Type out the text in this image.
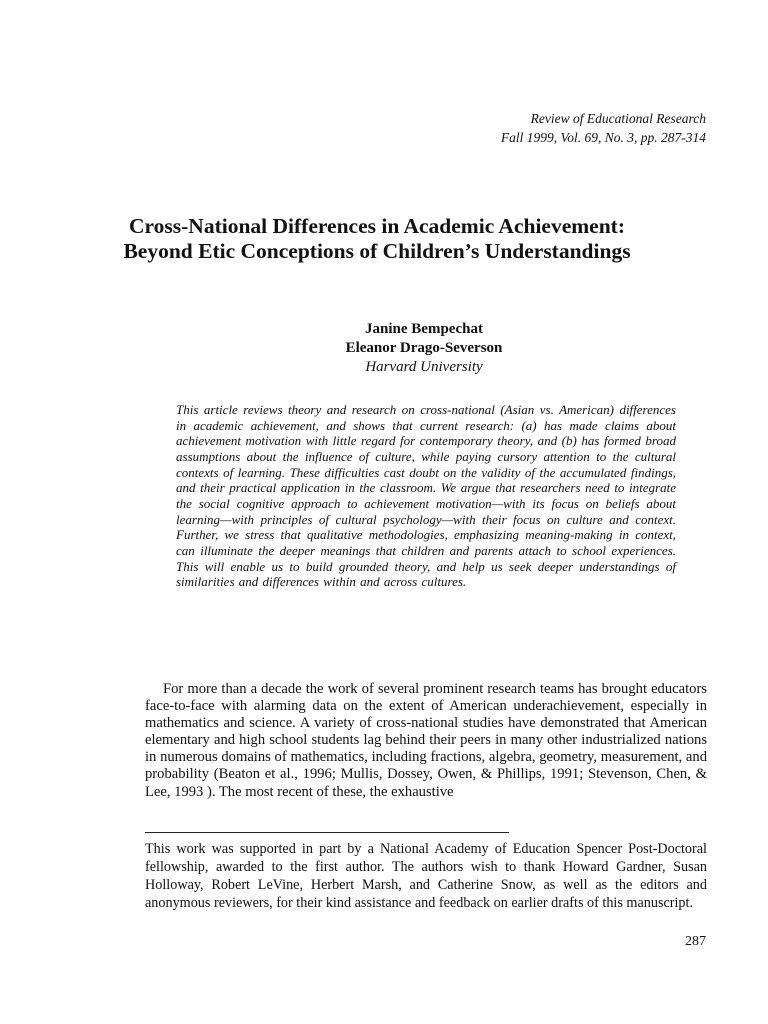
Review of Educational Research
Fall 1999, Vol. 69, No. 3, pp. 287-314
Cross-National Differences in Academic Achievement: Beyond Etic Conceptions of Children’s Understandings
Janine Bempechat
Eleanor Drago-Severson
Harvard University
This article reviews theory and research on cross-national (Asian vs. American) differences in academic achievement, and shows that current research: (a) has made claims about achievement motivation with little regard for contemporary theory, and (b) has formed broad assumptions about the influence of culture, while paying cursory attention to the cultural contexts of learning. These difficulties cast doubt on the validity of the accumulated findings, and their practical application in the classroom. We argue that researchers need to integrate the social cognitive approach to achievement motivation—with its focus on beliefs about learning—with principles of cultural psychology—with their focus on culture and context. Further, we stress that qualitative methodologies, emphasizing meaning-making in context, can illuminate the deeper meanings that children and parents attach to school experiences. This will enable us to build grounded theory, and help us seek deeper understandings of similarities and differences within and across cultures.
For more than a decade the work of several prominent research teams has brought educators face-to-face with alarming data on the extent of American underachievement, especially in mathematics and science. A variety of cross-national studies have demonstrated that American elementary and high school students lag behind their peers in many other industrialized nations in numerous domains of mathematics, including fractions, algebra, geometry, measurement, and probability (Beaton et al., 1996; Mullis, Dossey, Owen, & Phillips, 1991; Stevenson, Chen, & Lee, 1993 ). The most recent of these, the exhaustive
This work was supported in part by a National Academy of Education Spencer Post-Doctoral fellowship, awarded to the first author. The authors wish to thank Howard Gardner, Susan Holloway, Robert LeVine, Herbert Marsh, and Catherine Snow, as well as the editors and anonymous reviewers, for their kind assistance and feedback on earlier drafts of this manuscript.
287
